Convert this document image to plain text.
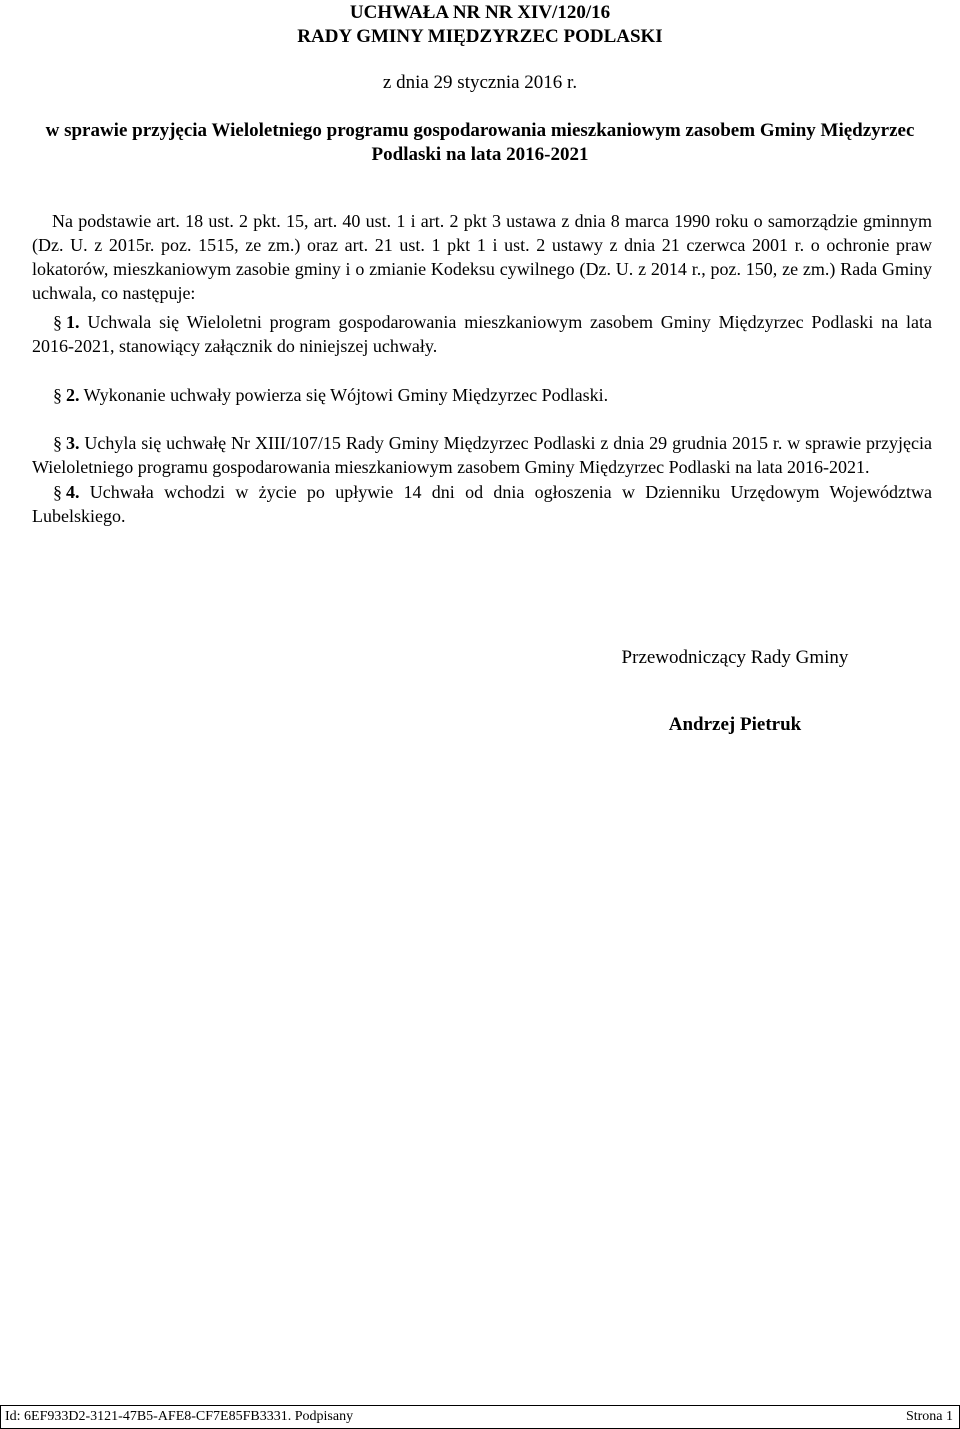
UCHWAŁA NR NR XIV/120/16
RADY GMINY MIĘDZYRZEC PODLASKI
z dnia 29 stycznia 2016 r.
w sprawie przyjęcia Wieloletniego programu gospodarowania mieszkaniowym zasobem Gminy Międzyrzec Podlaski na lata 2016-2021
Na podstawie art. 18 ust. 2 pkt. 15, art. 40 ust. 1 i art. 2 pkt 3 ustawa z dnia 8 marca 1990 roku o samorządzie gminnym (Dz. U. z 2015r. poz. 1515, ze zm.) oraz art. 21 ust. 1 pkt 1 i ust. 2 ustawy z dnia 21 czerwca 2001 r. o ochronie praw lokatorów, mieszkaniowym zasobie gminy i o zmianie Kodeksu cywilnego (Dz. U. z 2014 r., poz. 150, ze zm.) Rada Gminy uchwala, co następuje:
§ 1. Uchwala się Wieloletni program gospodarowania mieszkaniowym zasobem Gminy Międzyrzec Podlaski na lata 2016-2021, stanowiący załącznik do niniejszej uchwały.
§ 2. Wykonanie uchwały powierza się Wójtowi Gminy Międzyrzec Podlaski.
§ 3. Uchyla się uchwałę Nr XIII/107/15 Rady Gminy Międzyrzec Podlaski z dnia 29 grudnia 2015 r. w sprawie przyjęcia Wieloletniego programu gospodarowania mieszkaniowym zasobem Gminy Międzyrzec Podlaski na lata 2016-2021.
§ 4. Uchwała wchodzi w życie po upływie 14 dni od dnia ogłoszenia w Dzienniku Urzędowym Województwa Lubelskiego.
Przewodniczący Rady Gminy
Andrzej Pietruk
Id: 6EF933D2-3121-47B5-AFE8-CF7E85FB3331. Podpisany	Strona 1
